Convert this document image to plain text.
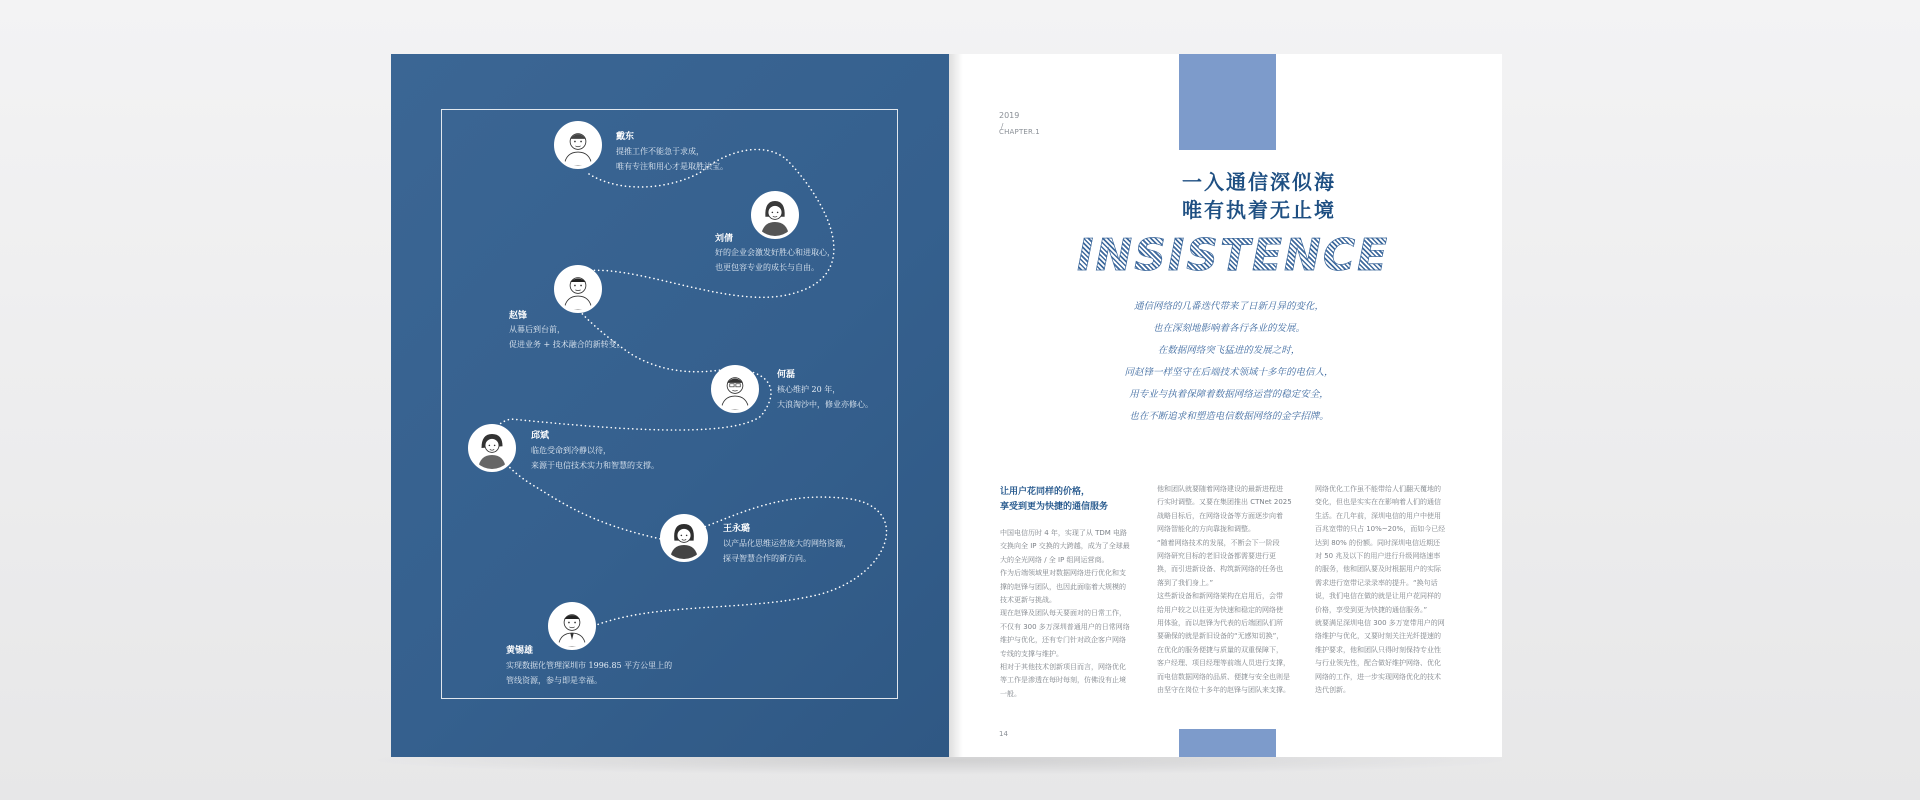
戴东
提推工作不能急于求成，
唯有专注和用心才是取胜法宝。
刘倩
好的企业会激发好胜心和进取心，
也更包容专业的成长与自由。
赵锋
从幕后到台前，
促进业务 + 技术融合的新转变。
何磊
核心维护 20 年，
大浪淘沙中，修业亦修心。
邱斌
临危受命到冷静以待，
来源于电信技术实力和智慧的支撑。
王永璐
以产品化思维运营庞大的网络资源，
探寻智慧合作的新方向。
黄锡雄
实现数据化管理深圳市 1996.85 平方公里上的
管线资源，参与即是幸福。
2019
/
CHAPTER.1
一入通信深似海
唯有执着无止境
INSISTENCE
通信网络的几番迭代带来了日新月异的变化，
也在深刻地影响着各行各业的发展。
在数据网络突飞猛进的发展之时，
同赵锋一样坚守在后端技术领域十多年的电信人，
用专业与执着保障着数据网络运营的稳定安全，
也在不断追求和塑造电信数据网络的金字招牌。
让用户花同样的价格，
享受到更为快捷的通信服务
中国电信历时 4 年，实现了从 TDM 电路
交换向全 IP 交换的大跨越，成为了全球最
大的全光网络 / 全 IP 组网运营商。
作为后端领域里对数据网络进行优化和支
撑的赵锋与团队，也因此面临着大规模的
技术更新与挑战。
现在赵锋及团队每天要面对的日常工作，
不仅有 300 多万深圳普通用户的日常网络
维护与优化，还有专门针对政企客户网络
专线的支撑与维护。
相对于其他技术创新项目而言，网络优化
等工作是渗透在每时每刻，仿佛没有止境
一般。
他和团队就要随着网络建设的最新进程进
行实时调整。又要在集团推出 CTNet 2025
战略目标后，在网络设备等方面逐步向着
网络智能化的方向靠拢和调整。
“随着网络技术的发展，不断会下一阶段
网络研究目标的老旧设备都需要进行更
换，而引进新设备、构筑新网络的任务也
落到了我们身上。”
这些新设备和新网络架构在启用后，会带
给用户较之以往更为快速和稳定的网络使
用体验，而以赵锋为代表的后端团队们所
要确保的就是新旧设备的“无感知切换”，
在优化的服务便捷与质量的双重保障下，
客户经理、项目经理等前端人员进行支撑，
而电信数据网络的品质、便捷与安全也则是
由坚守在岗位十多年的赵锋与团队来支撑。
网络优化工作虽不能带给人们翻天覆地的
变化，但也是实实在在影响着人们的通信
生活。在几年前，深圳电信的用户中使用
百兆宽带的只占 10%~20%，而如今已经
达到 80% 的份额。同时深圳电信近期还
对 50 兆及以下的用户进行升级网络速率
的服务，他和团队要及时根据用户的实际
需求进行宽带记录录率的提升。“换句话
说，我们电信在做的就是让用户花同样的
价格，享受到更为快捷的通信服务。”
就要满足深圳电信 300 多万宽带用户的网
络维护与优化，又要时刻关注光纤提速的
维护要求，他和团队只得时刻保持专业性
与行业领先性，配合做好维护网络、优化
网络的工作，进一步实现网络优化的技术
迭代创新。
14
